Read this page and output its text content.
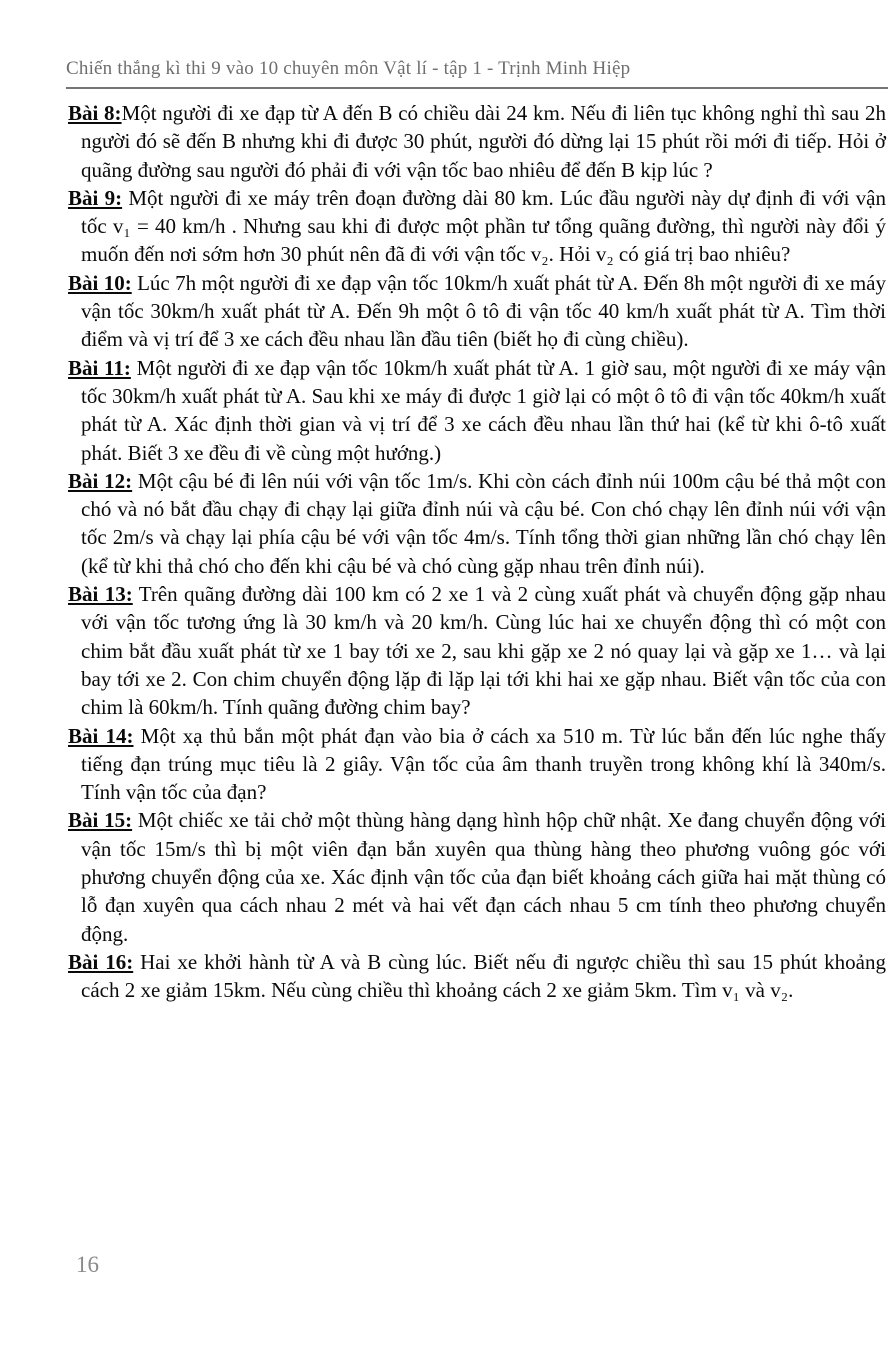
Chiến thắng kì thi 9 vào 10 chuyên môn Vật lí - tập 1 - Trịnh Minh Hiệp

Bài 8:Một người đi xe đạp từ A đến B có chiều dài 24 km. Nếu đi liên tục không nghỉ thì sau 2h người đó sẽ đến B nhưng khi đi được 30 phút, người đó dừng lại 15 phút rồi mới đi tiếp. Hỏi ở quãng đường sau người đó phải đi với vận tốc bao nhiêu để đến B kịp lúc ?

Bài 9: Một người đi xe máy trên đoạn đường dài 80 km. Lúc đầu người này dự định đi với vận tốc v₁ = 40 km/h . Nhưng sau khi đi được một phần tư tổng quãng đường, thì người này đổi ý muốn đến nơi sớm hơn 30 phút nên đã đi với vận tốc v₂. Hỏi v₂ có giá trị bao nhiêu?

Bài 10: Lúc 7h một người đi xe đạp vận tốc 10km/h xuất phát từ A. Đến 8h một người đi xe máy vận tốc 30km/h xuất phát từ A. Đến 9h một ô tô đi vận tốc 40 km/h xuất phát từ A. Tìm thời điểm và vị trí để 3 xe cách đều nhau lần đầu tiên (biết họ đi cùng chiều).

Bài 11: Một người đi xe đạp vận tốc 10km/h xuất phát từ A. 1 giờ sau, một người đi xe máy vận tốc 30km/h xuất phát từ A. Sau khi xe máy đi được 1 giờ lại có một ô tô đi vận tốc 40km/h xuất phát từ A. Xác định thời gian và vị trí để 3 xe cách đều nhau lần thứ hai (kể từ khi ô-tô xuất phát. Biết 3 xe đều đi về cùng một hướng.)

Bài 12: Một cậu bé đi lên núi với vận tốc 1m/s. Khi còn cách đỉnh núi 100m cậu bé thả một con chó và nó bắt đầu chạy đi chạy lại giữa đỉnh núi và cậu bé. Con chó chạy lên đỉnh núi với vận tốc 2m/s và chạy lại phía cậu bé với vận tốc 4m/s. Tính tổng thời gian những lần chó chạy lên (kể từ khi thả chó cho đến khi cậu bé và chó cùng gặp nhau trên đỉnh núi).

Bài 13: Trên quãng đường dài 100 km có 2 xe 1 và 2 cùng xuất phát và chuyển động gặp nhau với vận tốc tương ứng là 30 km/h và 20 km/h. Cùng lúc hai xe chuyển động thì có một con chim bắt đầu xuất phát từ xe 1 bay tới xe 2, sau khi gặp xe 2 nó quay lại và gặp xe 1… và lại bay tới xe 2. Con chim chuyển động lặp đi lặp lại tới khi hai xe gặp nhau. Biết vận tốc của con chim là 60km/h. Tính quãng đường chim bay?

Bài 14: Một xạ thủ bắn một phát đạn vào bia ở cách xa 510 m. Từ lúc bắn đến lúc nghe thấy tiếng đạn trúng mục tiêu là 2 giây. Vận tốc của âm thanh truyền trong không khí là 340m/s. Tính vận tốc của đạn?

Bài 15: Một chiếc xe tải chở một thùng hàng dạng hình hộp chữ nhật. Xe đang chuyển động với vận tốc 15m/s thì bị một viên đạn bắn xuyên qua thùng hàng theo phương vuông góc với phương chuyển động của xe. Xác định vận tốc của đạn biết khoảng cách giữa hai mặt thùng có lỗ đạn xuyên qua cách nhau 2 mét và hai vết đạn cách nhau 5 cm tính theo phương chuyển động.

Bài 16: Hai xe khởi hành từ A và B cùng lúc. Biết nếu đi ngược chiều thì sau 15 phút khoảng cách 2 xe giảm 15km. Nếu cùng chiều thì khoảng cách 2 xe giảm 5km. Tìm v₁ và v₂.

16
